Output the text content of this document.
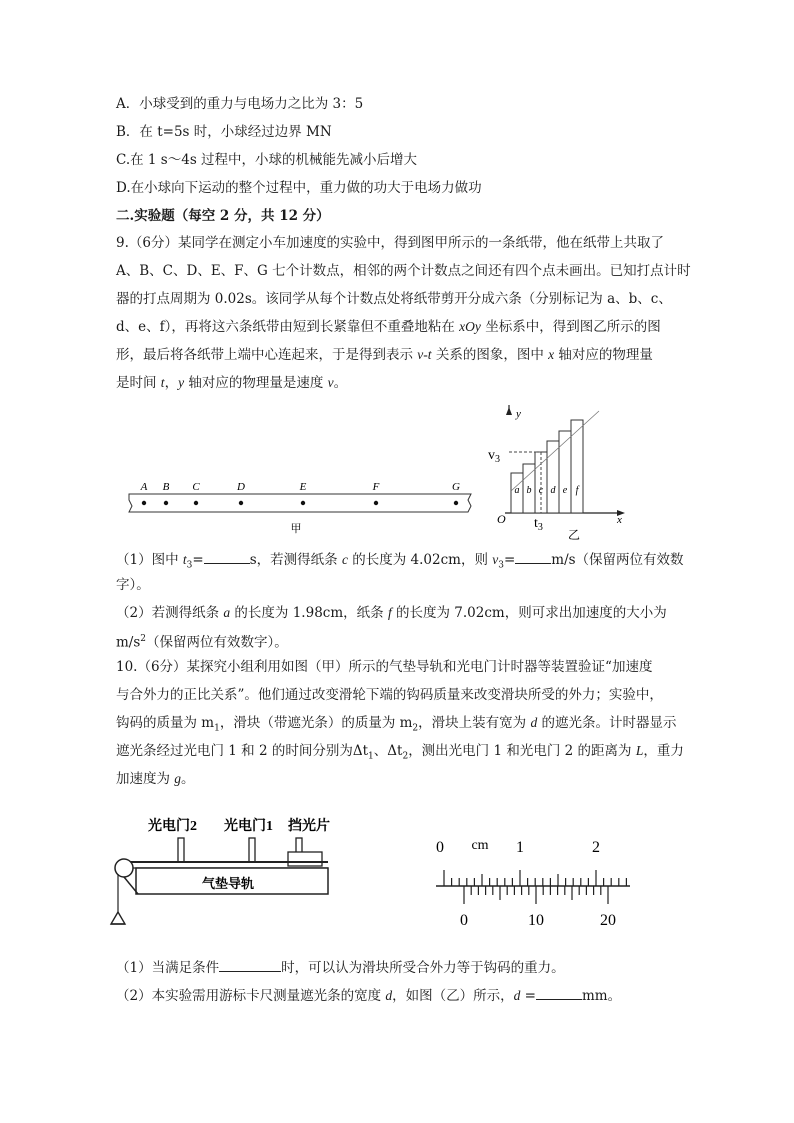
A．小球受到的重力与电场力之比为 3：5
B．在 t=5s 时，小球经过边界 MN
C.在 1 s～4s 过程中，小球的机械能先减小后增大
D.在小球向下运动的整个过程中，重力做的功大于电场力做功
二.实验题（每空 2 分，共 12 分）
9.（6分）某同学在测定小车加速度的实验中，得到图甲所示的一条纸带，他在纸带上共取了
A、B、C、D、E、F、G 七个计数点，相邻的两个计数点之间还有四个点未画出。已知打点计时
器的打点周期为 0.02s。该同学从每个计数点处将纸带剪开分成六条（分别标记为 a、b、c、
d、e、f），再将这六条纸带由短到长紧靠但不重叠地粘在 xOy 坐标系中，得到图乙所示的图
形，最后将各纸带上端中心连起来，于是得到表示 v-t 关系的图象，图中 x 轴对应的物理量
是时间 t，y 轴对应的物理量是速度 v。
A B C	D	E	F	G
甲
y
x
O
a b c d e f
$v_3$
$t_3$
乙
（1）图中 $t_3=$	s，若测得纸条 c 的长度为 4.02cm，则 $v_3=$	m/s（保留两位有效数
字）。
（2）若测得纸条 a 的长度为 1.98cm，纸条 f 的长度为 7.02cm，则可求出加速度的大小为
$m/s^2$（保留两位有效数字）。
10.（6分）某探究小组利用如图（甲）所示的气垫导轨和光电门计时器等装置验证“加速度
与合外力的正比关系”。他们通过改变滑轮下端的钩码质量来改变滑块所受的外力；实验中，
钩码的质量为 $m_1$，滑块（带遮光条）的质量为 $m_2$，滑块上装有宽为 d 的遮光条。计时器显示
遮光条经过光电门 1 和 2 的时间分别为$\Delta t_1$、$\Delta t_2$，测出光电门 1 和光电门 2 的距离为 L，重力
加速度为 g。
光电门2 光电门1 挡光片
气垫导轨
0	1	2
cm
0	10	20
（1）当满足条件	时，可以认为滑块所受合外力等于钩码的重力。
（2）本实验需用游标卡尺测量遮光条的宽度 d，如图（乙）所示，d =	mm。
